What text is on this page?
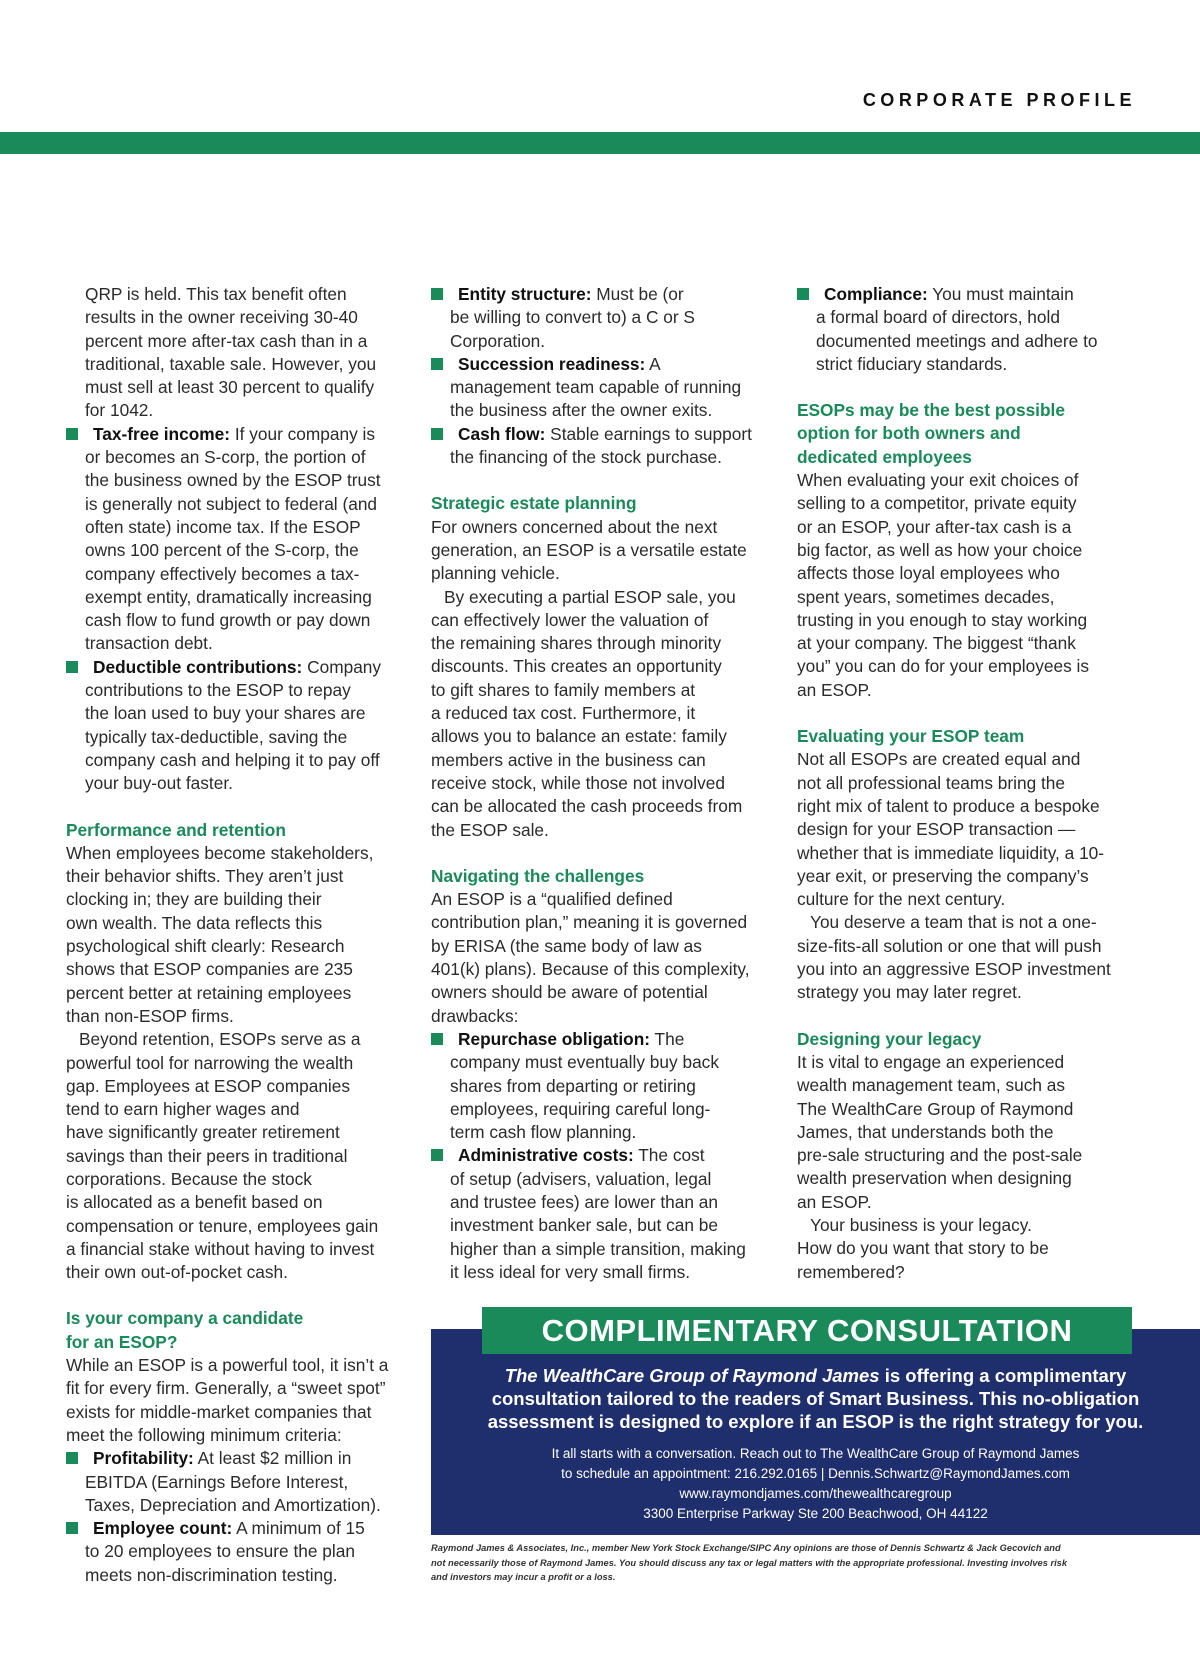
CORPORATE PROFILE

QRP is held. This tax benefit often

results in the owner receiving 30-40

percent more after-tax cash than in a

traditional, taxable sale. However, you

must sell at least 30 percent to qualify

for 1042.

Tax-free income: If your company is

or becomes an S-corp, the portion of

the business owned by the ESOP trust

is generally not subject to federal (and

often state) income tax. If the ESOP

owns 100 percent of the S-corp, the

company effectively becomes a tax-

exempt entity, dramatically increasing

cash flow to fund growth or pay down

transaction debt.

Deductible contributions: Company

contributions to the ESOP to repay

the loan used to buy your shares are

typically tax-deductible, saving the

company cash and helping it to pay off

your buy-out faster.

Performance and retention

When employees become stakeholders,

their behavior shifts. They aren’t just

clocking in; they are building their

own wealth. The data reflects this

psychological shift clearly: Research

shows that ESOP companies are 235

percent better at retaining employees

than non-ESOP firms.

Beyond retention, ESOPs serve as a

powerful tool for narrowing the wealth

gap. Employees at ESOP companies

tend to earn higher wages and

have significantly greater retirement

savings than their peers in traditional

corporations. Because the stock

is allocated as a benefit based on

compensation or tenure, employees gain

a financial stake without having to invest

their own out-of-pocket cash.

Is your company a candidate

for an ESOP?

While an ESOP is a powerful tool, it isn’t a

fit for every firm. Generally, a “sweet spot”

exists for middle-market companies that

meet the following minimum criteria:

Profitability: At least $2 million in

EBITDA (Earnings Before Interest,

Taxes, Depreciation and Amortization).

Employee count: A minimum of 15

to 20 employees to ensure the plan

meets non-discrimination testing.

Entity structure: Must be (or

be willing to convert to) a C or S

Corporation.

Succession readiness: A

management team capable of running

the business after the owner exits.

Cash flow: Stable earnings to support

the financing of the stock purchase.

Strategic estate planning

For owners concerned about the next

generation, an ESOP is a versatile estate

planning vehicle.

By executing a partial ESOP sale, you

can effectively lower the valuation of

the remaining shares through minority

discounts. This creates an opportunity

to gift shares to family members at

a reduced tax cost. Furthermore, it

allows you to balance an estate: family

members active in the business can

receive stock, while those not involved

can be allocated the cash proceeds from

the ESOP sale.

Navigating the challenges

An ESOP is a “qualified defined

contribution plan,” meaning it is governed

by ERISA (the same body of law as

401(k) plans). Because of this complexity,

owners should be aware of potential

drawbacks:

Repurchase obligation: The

company must eventually buy back

shares from departing or retiring

employees, requiring careful long-

term cash flow planning.

Administrative costs: The cost

of setup (advisers, valuation, legal

and trustee fees) are lower than an

investment banker sale, but can be

higher than a simple transition, making

it less ideal for very small firms.

Compliance: You must maintain

a formal board of directors, hold

documented meetings and adhere to

strict fiduciary standards.

ESOPs may be the best possible

option for both owners and

dedicated employees

When evaluating your exit choices of

selling to a competitor, private equity

or an ESOP, your after-tax cash is a

big factor, as well as how your choice

affects those loyal employees who

spent years, sometimes decades,

trusting in you enough to stay working

at your company. The biggest “thank

you” you can do for your employees is

an ESOP.

Evaluating your ESOP team

Not all ESOPs are created equal and

not all professional teams bring the

right mix of talent to produce a bespoke

design for your ESOP transaction —

whether that is immediate liquidity, a 10-

year exit, or preserving the company’s

culture for the next century.

You deserve a team that is not a one-

size-fits-all solution or one that will push

you into an aggressive ESOP investment

strategy you may later regret.

Designing your legacy

It is vital to engage an experienced

wealth management team, such as

The WealthCare Group of Raymond

James, that understands both the

pre-sale structuring and the post-sale

wealth preservation when designing

an ESOP.

Your business is your legacy.

How do you want that story to be

remembered?

COMPLIMENTARY CONSULTATION
The WealthCare Group of Raymond James is offering a complimentary
consultation tailored to the readers of Smart Business. This no-obligation
assessment is designed to explore if an ESOP is the right strategy for you.
It all starts with a conversation. Reach out to The WealthCare Group of Raymond James
to schedule an appointment: 216.292.0165 | Dennis.Schwartz@RaymondJames.com
www.raymondjames.com/thewealthcaregroup
3300 Enterprise Parkway Ste 200 Beachwood, OH 44122
Raymond James & Associates, Inc., member New York Stock Exchange/SIPC Any opinions are those of Dennis Schwartz & Jack Gecovich and
not necessarily those of Raymond James. You should discuss any tax or legal matters with the appropriate professional. Investing involves risk
and investors may incur a profit or a loss.
